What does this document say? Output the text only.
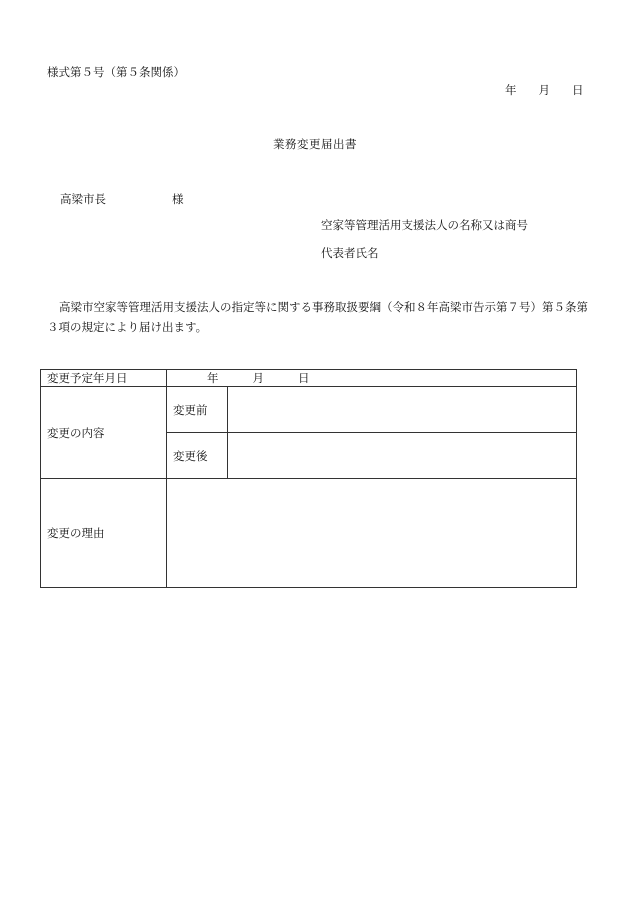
様式第５号（第５条関係）
年 月 日
業務変更届出書
高梁市長	様
空家等管理活用支援法人の名称又は商号
代表者氏名
高梁市空家等管理活用支援法人の指定等に関する事務取扱要綱（令和８年高梁市告示第７号）第５条第３項の規定により届け出ます。
変更予定年月日	年 月 日	
変更の内容	変更前	
	変更後	
変更の理由		
